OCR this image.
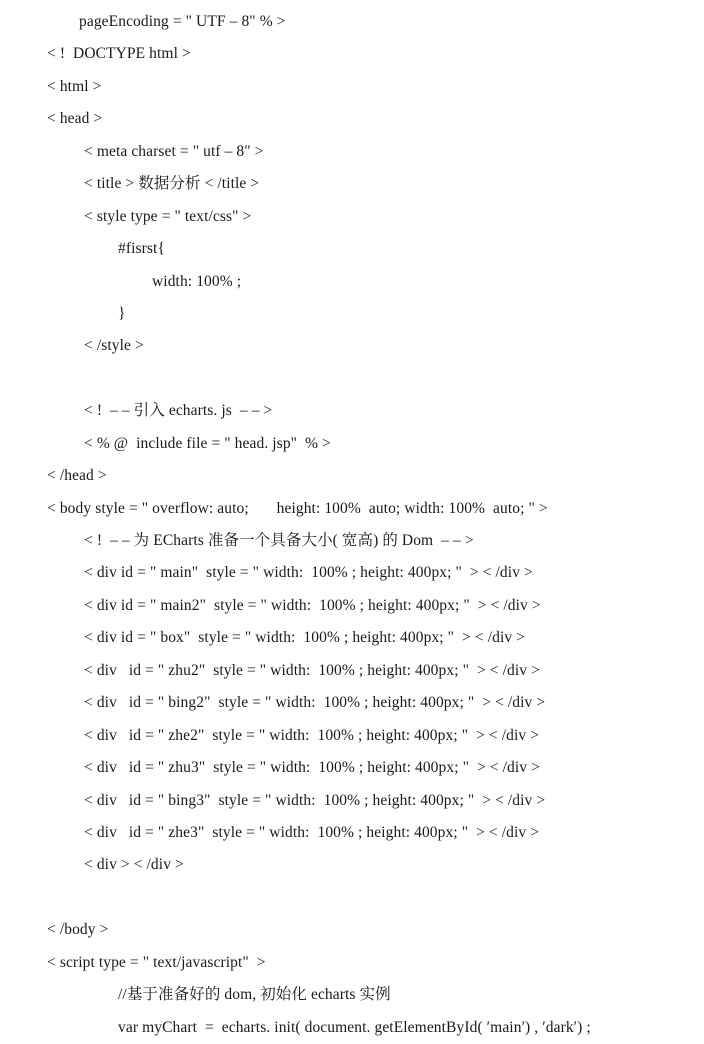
pageEncoding = " UTF – 8" % >
< !  DOCTYPE html >
< html >
< head >
< meta charset = " utf – 8" >
< title > 数据分析 < /title >
< style type = " text/css" >
#fisrst{
width: 100% ;
}
< /style >
< !  – – 引入 echarts. js  – – >
< % @  include file = " head. jsp"  % >
< /head >
< body style = " overflow: auto;       height: 100%  auto; width: 100%  auto; " >
< !  – – 为 ECharts 准备一个具备大小( 宽高) 的 Dom  – – >
< div id = " main"  style = " width:  100% ; height: 400px; "  > < /div >
< div id = " main2"  style = " width:  100% ; height: 400px; "  > < /div >
< div id = " box"  style = " width:  100% ; height: 400px; "  > < /div >
< div   id = " zhu2"  style = " width:  100% ; height: 400px; "  > < /div >
< div   id = " bing2"  style = " width:  100% ; height: 400px; "  > < /div >
< div   id = " zhe2"  style = " width:  100% ; height: 400px; "  > < /div >
< div   id = " zhu3"  style = " width:  100% ; height: 400px; "  > < /div >
< div   id = " bing3"  style = " width:  100% ; height: 400px; "  > < /div >
< div   id = " zhe3"  style = " width:  100% ; height: 400px; "  > < /div >
< div > < /div >
< /body >
< script type = " text/javascript"  >
//基于准备好的 dom, 初始化 echarts 实例
var myChart  =  echarts. init( document. getElementById( ′main′) , ′dark′) ;
